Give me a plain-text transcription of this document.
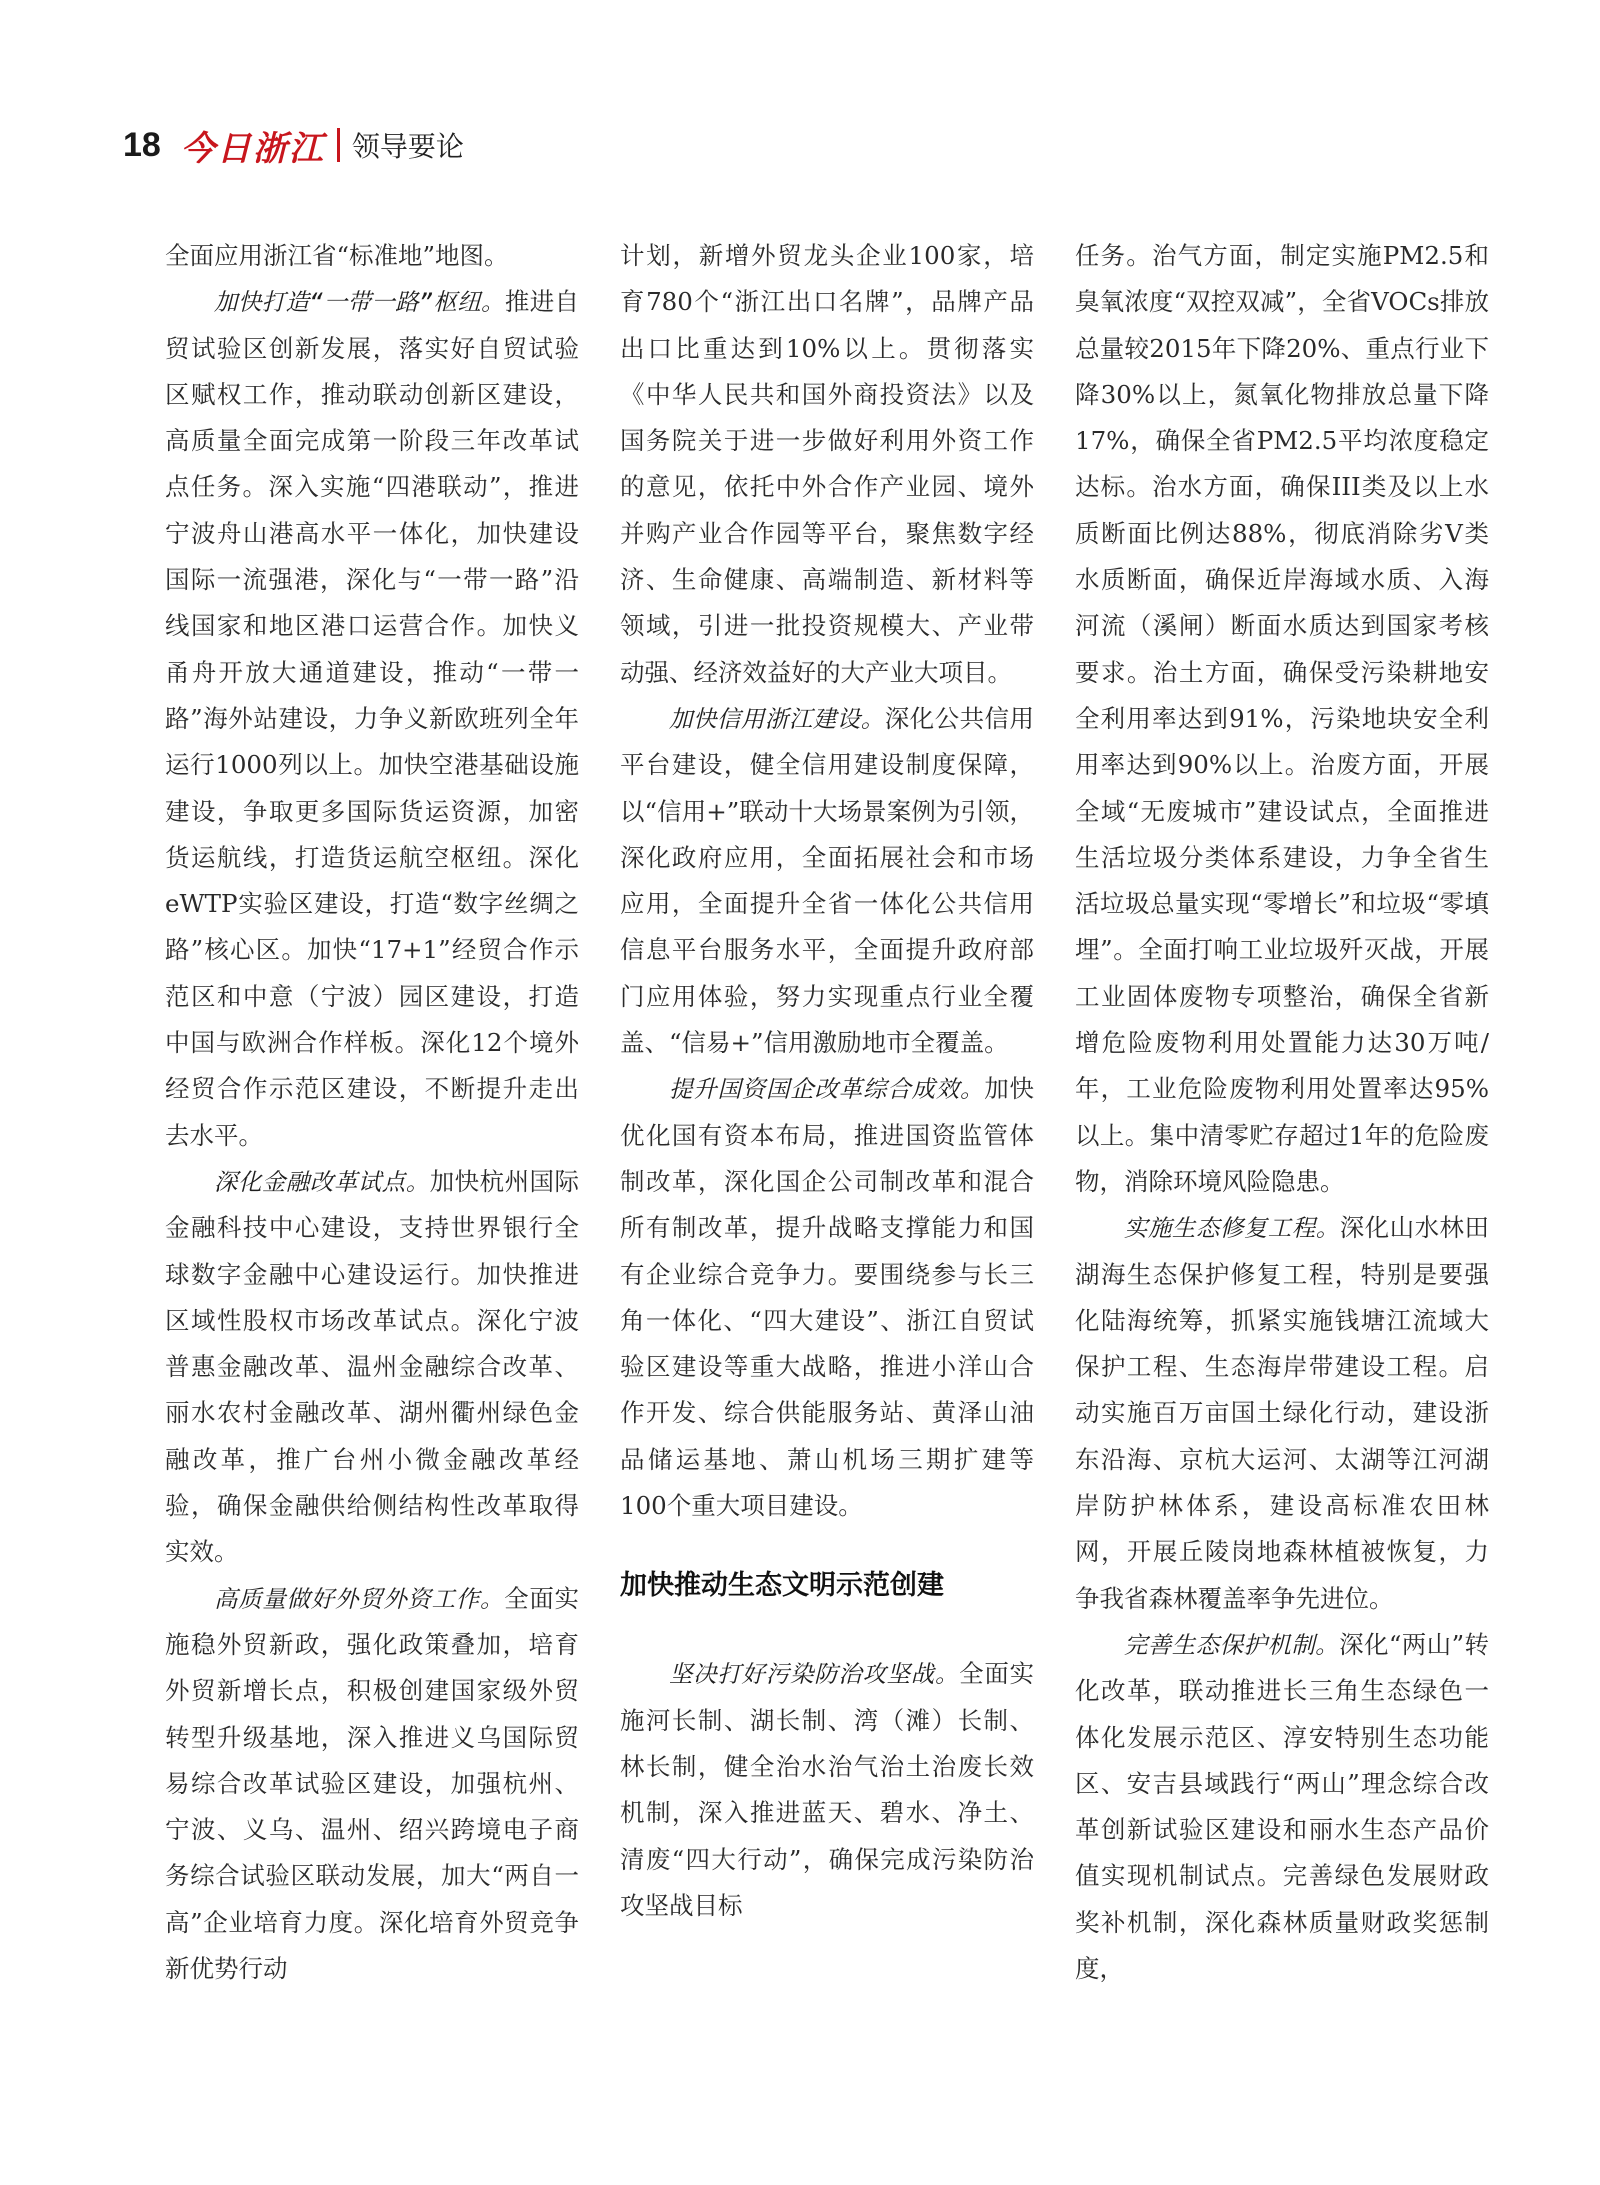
18 今日浙江 领导要论

全面应用浙江省“标准地”地图。

加快打造“一带一路”枢纽。推进自贸试验区创新发展，落实好自贸试验区赋权工作，推动联动创新区建设，高质量全面完成第一阶段三年改革试点任务。深入实施“四港联动”，推进宁波舟山港高水平一体化，加快建设国际一流强港，深化与“一带一路”沿线国家和地区港口运营合作。加快义甬舟开放大通道建设，推动“一带一路”海外站建设，力争义新欧班列全年运行1000列以上。加快空港基础设施建设，争取更多国际货运资源，加密货运航线，打造货运航空枢纽。深化eWTP实验区建设，打造“数字丝绸之路”核心区。加快“17+1”经贸合作示范区和中意（宁波）园区建设，打造中国与欧洲合作样板。深化12个境外经贸合作示范区建设，不断提升走出去水平。

深化金融改革试点。加快杭州国际金融科技中心建设，支持世界银行全球数字金融中心建设运行。加快推进区域性股权市场改革试点。深化宁波普惠金融改革、温州金融综合改革、丽水农村金融改革、湖州衢州绿色金融改革，推广台州小微金融改革经验，确保金融供给侧结构性改革取得实效。

高质量做好外贸外资工作。全面实施稳外贸新政，强化政策叠加，培育外贸新增长点，积极创建国家级外贸转型升级基地，深入推进义乌国际贸易综合改革试验区建设，加强杭州、宁波、义乌、温州、绍兴跨境电子商务综合试验区联动发展，加大“两自一高”企业培育力度。深化培育外贸竞争新优势行动

计划，新增外贸龙头企业100家，培育780个“浙江出口名牌”，品牌产品出口比重达到10%以上。贯彻落实《中华人民共和国外商投资法》以及国务院关于进一步做好利用外资工作的意见，依托中外合作产业园、境外并购产业合作园等平台，聚焦数字经济、生命健康、高端制造、新材料等领域，引进一批投资规模大、产业带动强、经济效益好的大产业大项目。

加快信用浙江建设。深化公共信用平台建设，健全信用建设制度保障，以“信用+”联动十大场景案例为引领，深化政府应用，全面拓展社会和市场应用，全面提升全省一体化公共信用信息平台服务水平，全面提升政府部门应用体验，努力实现重点行业全覆盖、“信易+”信用激励地市全覆盖。

提升国资国企改革综合成效。加快优化国有资本布局，推进国资监管体制改革，深化国企公司制改革和混合所有制改革，提升战略支撑能力和国有企业综合竞争力。要围绕参与长三角一体化、“四大建设”、浙江自贸试验区建设等重大战略，推进小洋山合作开发、综合供能服务站、黄泽山油品储运基地、萧山机场三期扩建等100个重大项目建设。

加快推动生态文明示范创建

坚决打好污染防治攻坚战。全面实施河长制、湖长制、湾（滩）长制、林长制，健全治水治气治土治废长效机制，深入推进蓝天、碧水、净土、清废“四大行动”，确保完成污染防治攻坚战目标

任务。治气方面，制定实施PM2.5和臭氧浓度“双控双减”，全省VOCs排放总量较2015年下降20%、重点行业下降30%以上，氮氧化物排放总量下降17%，确保全省PM2.5平均浓度稳定达标。治水方面，确保III类及以上水质断面比例达88%，彻底消除劣V类水质断面，确保近岸海域水质、入海河流（溪闸）断面水质达到国家考核要求。治土方面，确保受污染耕地安全利用率达到91%，污染地块安全利用率达到90%以上。治废方面，开展全域“无废城市”建设试点，全面推进生活垃圾分类体系建设，力争全省生活垃圾总量实现“零增长”和垃圾“零填埋”。全面打响工业垃圾歼灭战，开展工业固体废物专项整治，确保全省新增危险废物利用处置能力达30万吨/年，工业危险废物利用处置率达95%以上。集中清零贮存超过1年的危险废物，消除环境风险隐患。

实施生态修复工程。深化山水林田湖海生态保护修复工程，特别是要强化陆海统筹，抓紧实施钱塘江流域大保护工程、生态海岸带建设工程。启动实施百万亩国土绿化行动，建设浙东沿海、京杭大运河、太湖等江河湖岸防护林体系，建设高标准农田林网，开展丘陵岗地森林植被恢复，力争我省森林覆盖率争先进位。

完善生态保护机制。深化“两山”转化改革，联动推进长三角生态绿色一体化发展示范区、淳安特别生态功能区、安吉县域践行“两山”理念综合改革创新试验区建设和丽水生态产品价值实现机制试点。完善绿色发展财政奖补机制，深化森林质量财政奖惩制度，
